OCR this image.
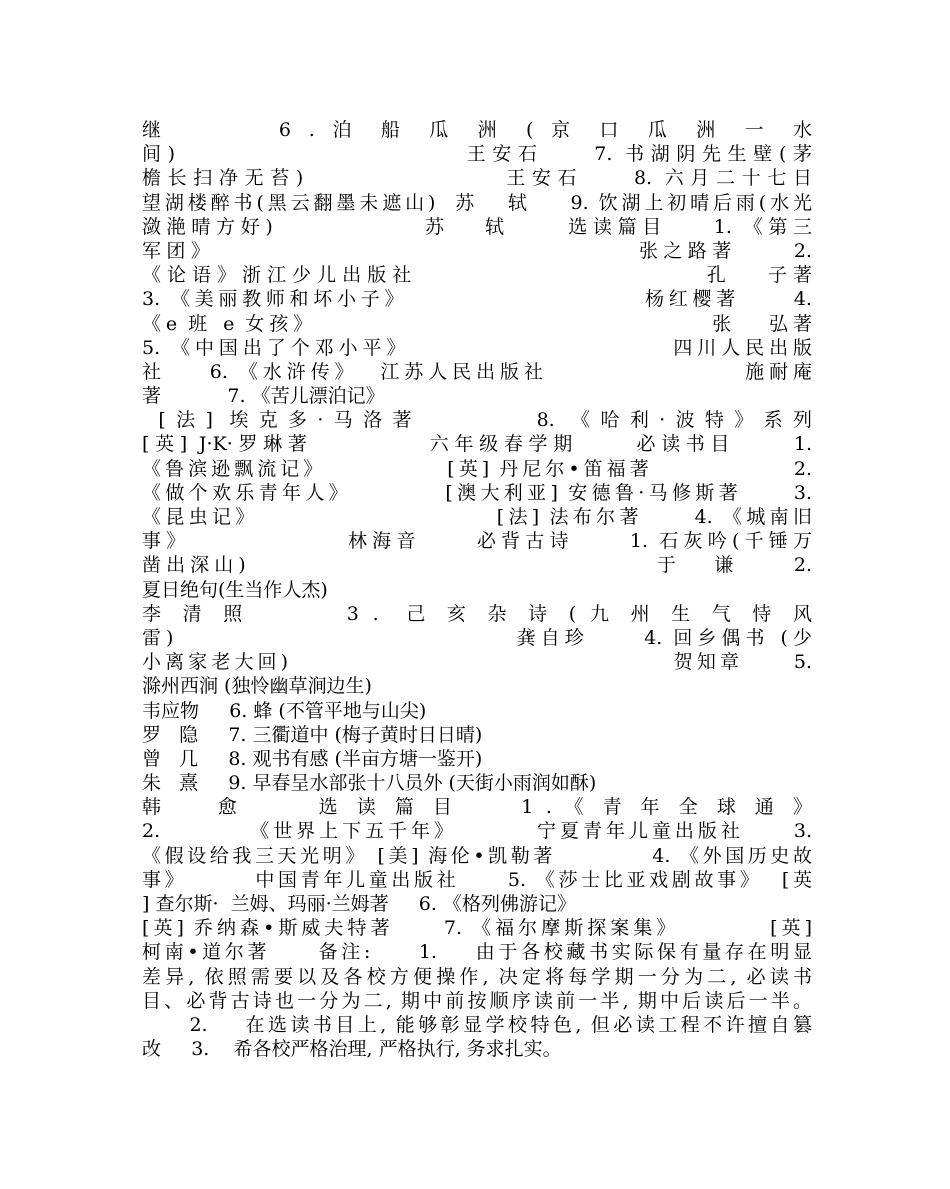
继      6 . 泊 船 瓜 洲 ( 京 口 瓜 洲 一 水
间)                       王安石    7. 书湖阴先生壁(茅
檐长扫净无苔)                王安石    8. 六月二十七日
望湖楼醉书(黑云翻墨未遮山)  苏   轼    9. 饮湖上初晴后雨(水光
潋滟晴方好)             苏   轼     选读篇目    1. 《第三
军团》                                     张之路著     2.
《论语》浙江少儿出版社                        孔   子著
3. 《美丽教师和坏小子》                      杨红樱著     4.
《e 班 e 女孩》                                    张   弘著
5. 《中国出了个邓小平》                        四川人民出版
社    6. 《水浒传》  江苏人民出版社                  施耐庵
著           7. 《苦儿漂泊记》
[法] 埃克多·马洛著       8. 《哈利·波特》系列
[英] J·K·罗琳著          六年级春学期     必读书目     1.
《鲁滨逊飘流记》            [英] 丹尼尔•笛福著              2.
《做个欢乐青年人》         [澳大利亚] 安德鲁·马修斯著     3.
《昆虫记》                       [法] 法布尔著     4. 《城南旧
事》              林海音     必背古诗     1. 石灰吟(千锤万
凿出深山)                                     于   谦     2.
夏日绝句(生当作人杰)
李 清 照       3 .  己 亥 杂 诗 ( 九 州 生 气 恃 风
雷)                               龚自珍     4. 回乡偶书 (少
小离家老大回)                                      贺知章     5.
滁州西涧 (独怜幽草涧边生)
韦应物     6. 蜂 (不管平地与山尖)
罗   隐     7. 三衢道中 (梅子黄时日日晴)
曾   几     8. 观书有感 (半亩方塘一鉴开)
朱   熹     9. 早春呈水部张十八员外 (天街小雨润如酥)
韩    愈      选 读 篇 目     1 . 《 青 年 全 球 通 》
2.         《世界上下五千年》        宁夏青年儿童出版社     3.
《假设给我三天光明》 [美] 海伦•凯勒著          4. 《外国历史故
事》       中国青年儿童出版社     5. 《莎士比亚戏剧故事》  [英
] 查尔斯·  兰姆、玛丽·兰姆著     6. 《格列佛游记》
[英] 乔纳森•斯威夫特著     7. 《福尔摩斯探案集》         [英]
柯南•道尔著     备注:     1.    由于各校藏书实际保有量存在明显
差异, 依照需要以及各校方便操作, 决定将每学期一分为二, 必读书
目、必背古诗也一分为二, 期中前按顺序读前一半, 期中后读后一半。
2.    在选读书目上, 能够彰显学校特色, 但必读工程不许擅自篡
改     3.    希各校严格治理, 严格执行, 务求扎实。
